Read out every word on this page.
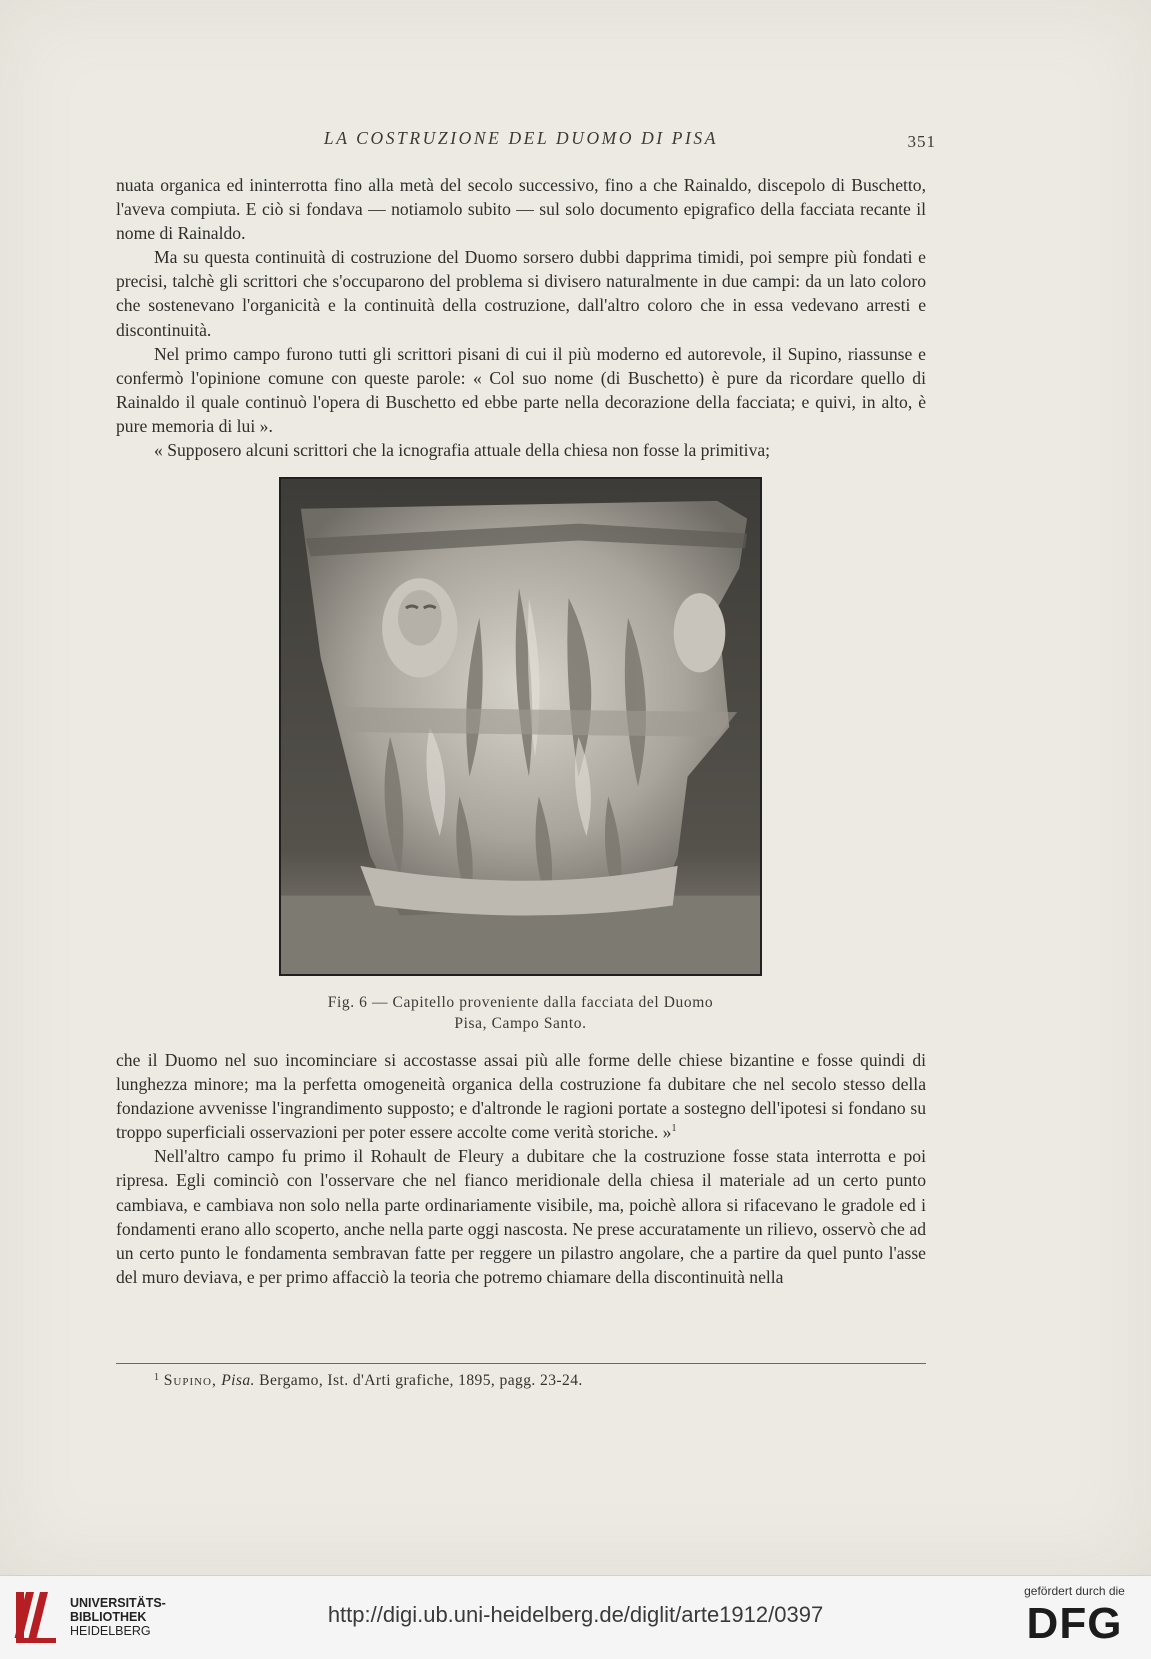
LA COSTRUZIONE DEL DUOMO DI PISA	351

nuata organica ed ininterrotta fino alla metà del secolo successivo, fino a che Rainaldo, discepolo di Buschetto, l'aveva compiuta. E ciò si fondava — notiamolo subito — sul solo documento epigrafico della facciata recante il nome di Rainaldo.

Ma su questa continuità di costruzione del Duomo sorsero dubbi dapprima timidi, poi sempre più fondati e precisi, talchè gli scrittori che s'occuparono del problema si divisero naturalmente in due campi: da un lato coloro che sostenevano l'organicità e la continuità della costruzione, dall'altro coloro che in essa vedevano arresti e discontinuità.

Nel primo campo furono tutti gli scrittori pisani di cui il più moderno ed autorevole, il Supino, riassunse e confermò l'opinione comune con queste parole: « Col suo nome (di Buschetto) è pure da ricordare quello di Rainaldo il quale continuò l'opera di Buschetto ed ebbe parte nella decorazione della facciata; e quivi, in alto, è pure memoria di lui ».

« Supposero alcuni scrittori che la icnografia attuale della chiesa non fosse la primitiva;

Fig. 6 — Capitello proveniente dalla facciata del Duomo
Pisa, Campo Santo.

che il Duomo nel suo incominciare si accostasse assai più alle forme delle chiese bizantine e fosse quindi di lunghezza minore; ma la perfetta omogeneità organica della costruzione fa dubitare che nel secolo stesso della fondazione avvenisse l'ingrandimento supposto; e d'altronde le ragioni portate a sostegno dell'ipotesi si fondano su troppo superficiali osservazioni per poter essere accolte come verità storiche. »$^1$

Nell'altro campo fu primo il Rohault de Fleury a dubitare che la costruzione fosse stata interrotta e poi ripresa. Egli cominciò con l'osservare che nel fianco meridionale della chiesa il materiale ad un certo punto cambiava, e cambiava non solo nella parte ordinariamente visibile, ma, poichè allora si rifacevano le gradole ed i fondamenti erano allo scoperto, anche nella parte oggi nascosta. Ne prese accuratamente un rilievo, osservò che ad un certo punto le fondamenta sembravan fatte per reggere un pilastro angolare, che a partire da quel punto l'asse del muro deviava, e per primo affacciò la teoria che potremo chiamare della discontinuità nella

$^1$ Supino, Pisa. Bergamo, Ist. d'Arti grafiche, 1895, pagg. 23-24.
UNIVERSITÄTS-
BIBLIOTHEK
HEIDELBERG
http://digi.ub.uni-heidelberg.de/diglit/arte1912/0397
gefördert durch die
DFG
